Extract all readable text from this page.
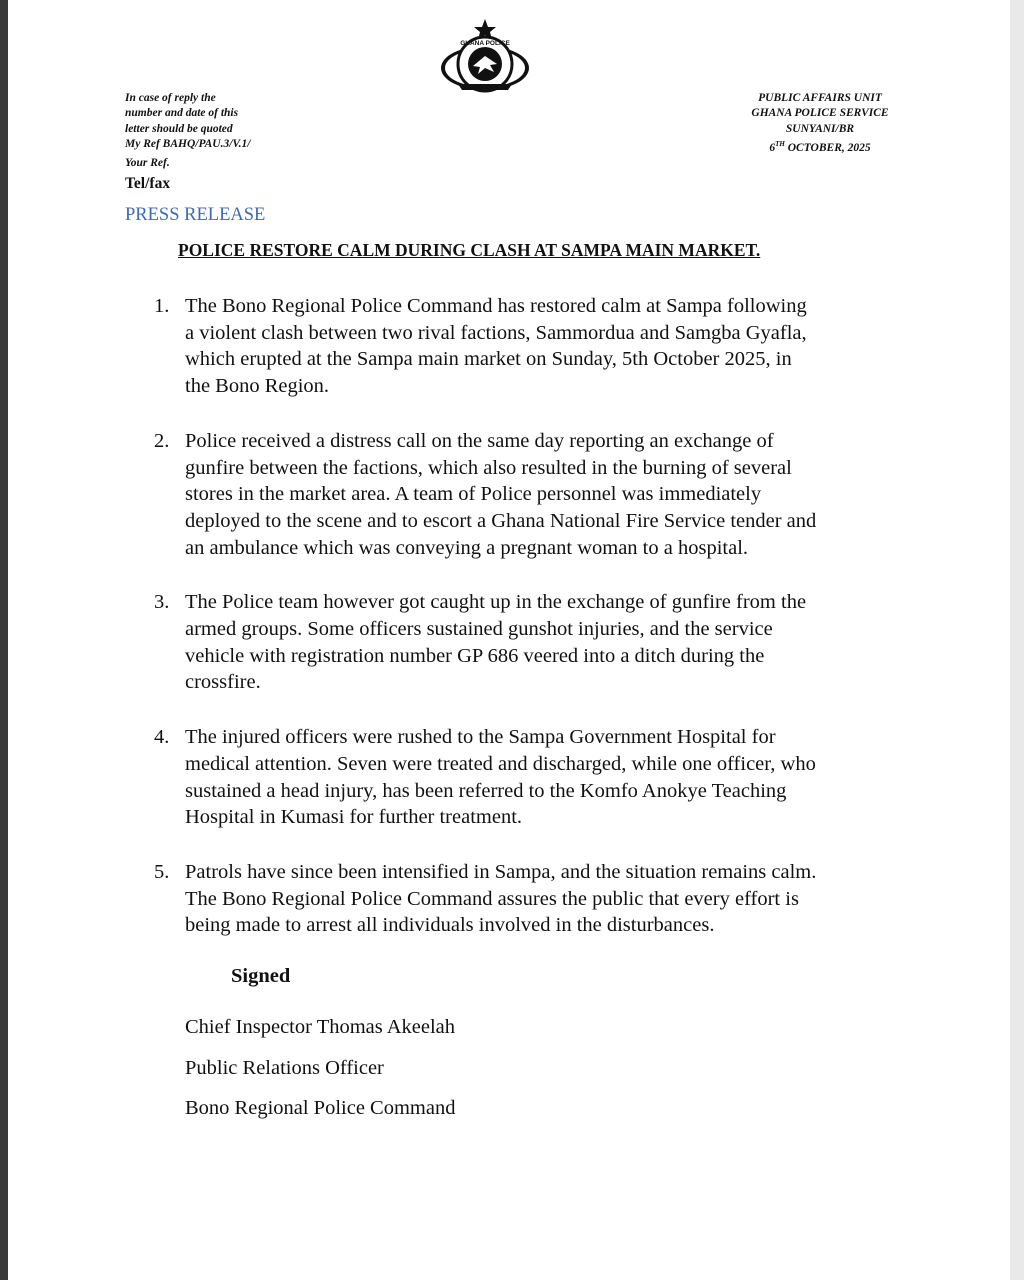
GHANA POLICE
In case of reply the
number and date of this
letter should be quoted
My Ref BAHQ/PAU.3/V.1/
Your Ref.
Tel/fax
PUBLIC AFFAIRS UNIT
GHANA POLICE SERVICE
SUNYANI/BR
6TH OCTOBER, 2025
PRESS RELEASE
POLICE RESTORE CALM DURING CLASH AT SAMPA MAIN MARKET.
1. The Bono Regional Police Command has restored calm at Sampa following
a violent clash between two rival factions, Sammordua and Samgba Gyafla,
which erupted at the Sampa main market on Sunday, 5th October 2025, in
the Bono Region.
2. Police received a distress call on the same day reporting an exchange of
gunfire between the factions, which also resulted in the burning of several
stores in the market area. A team of Police personnel was immediately
deployed to the scene and to escort a Ghana National Fire Service tender and
an ambulance which was conveying a pregnant woman to a hospital.
3. The Police team however got caught up in the exchange of gunfire from the
armed groups. Some officers sustained gunshot injuries, and the service
vehicle with registration number GP 686 veered into a ditch during the
crossfire.
4. The injured officers were rushed to the Sampa Government Hospital for
medical attention. Seven were treated and discharged, while one officer, who
sustained a head injury, has been referred to the Komfo Anokye Teaching
Hospital in Kumasi for further treatment.
5. Patrols have since been intensified in Sampa, and the situation remains calm.
The Bono Regional Police Command assures the public that every effort is
being made to arrest all individuals involved in the disturbances.
Signed
Chief Inspector Thomas Akeelah
Public Relations Officer
Bono Regional Police Command
